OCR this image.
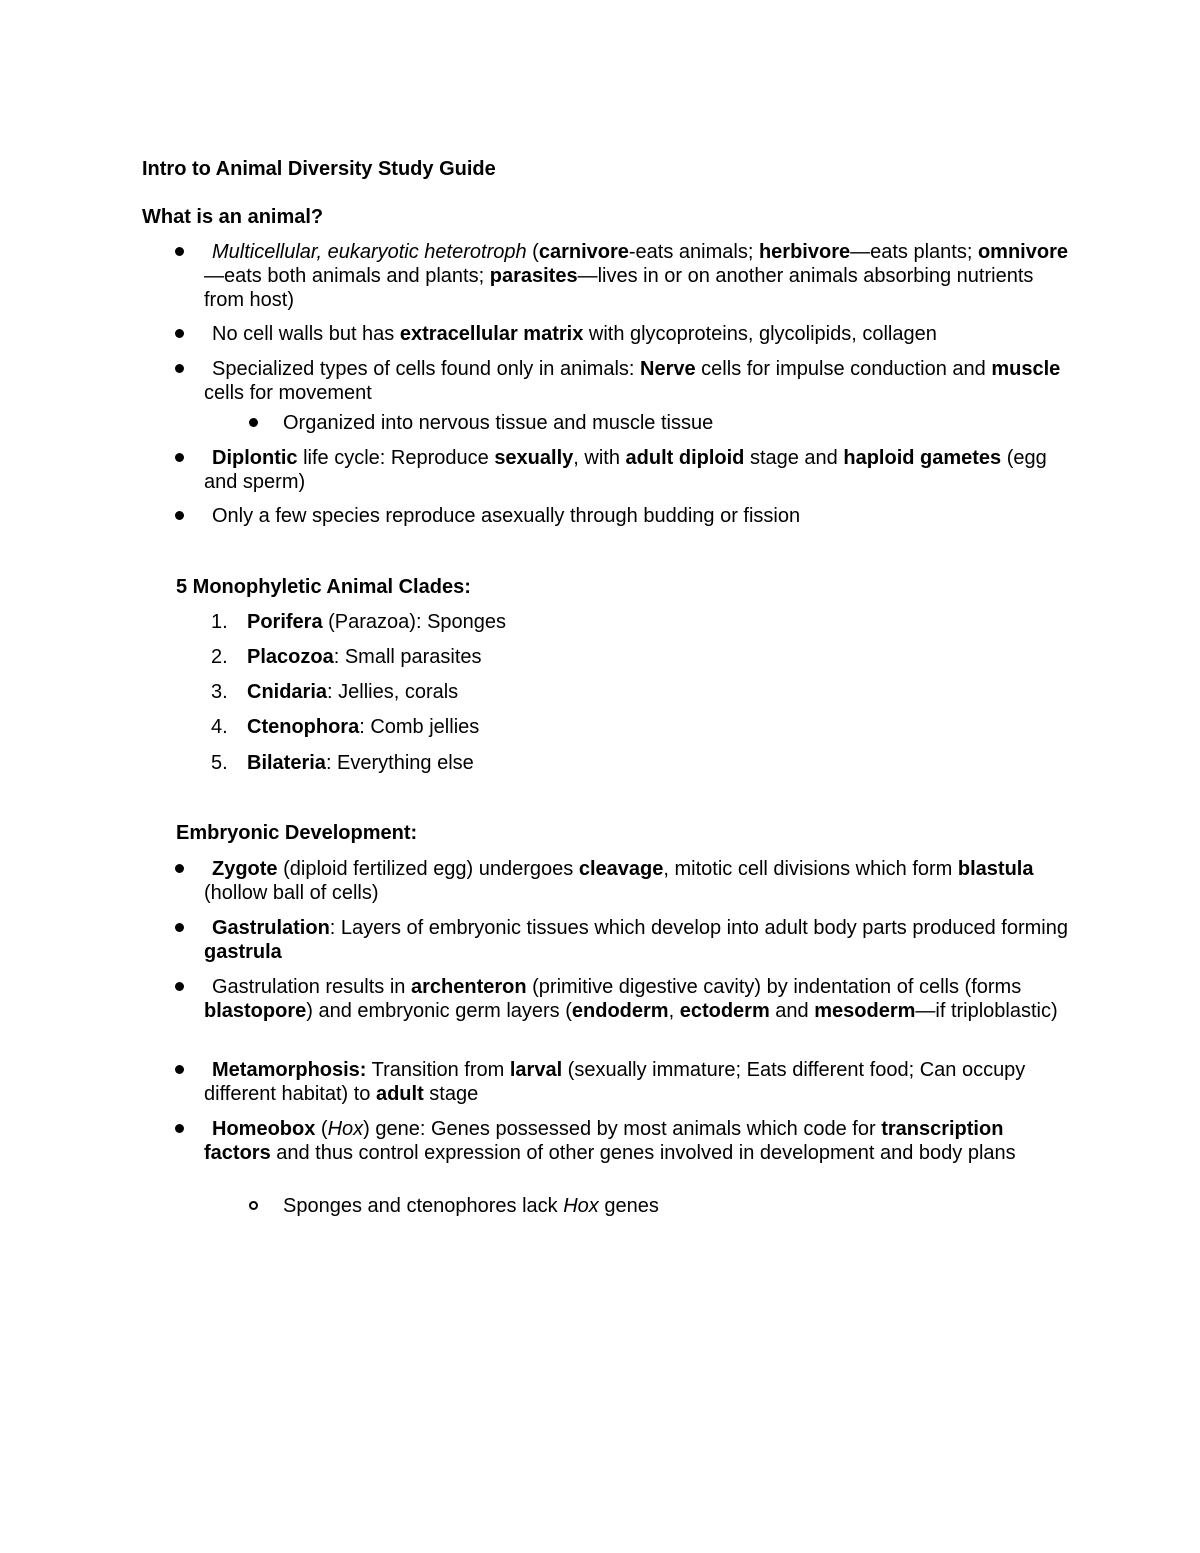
Intro to Animal Diversity Study Guide
What is an animal?
Multicellular, eukaryotic heterotroph (carnivore-eats animals; herbivore—eats plants; omnivore—eats both animals and plants; parasites—lives in or on another animals absorbing nutrients from host)
No cell walls but has extracellular matrix with glycoproteins, glycolipids, collagen
Specialized types of cells found only in animals: Nerve cells for impulse conduction and muscle cells for movement
Organized into nervous tissue and muscle tissue
Diplontic life cycle: Reproduce sexually, with adult diploid stage and haploid gametes (egg and sperm)
Only a few species reproduce asexually through budding or fission
5 Monophyletic Animal Clades:
1. Porifera (Parazoa): Sponges
2. Placozoa: Small parasites
3. Cnidaria: Jellies, corals
4. Ctenophora: Comb jellies
5. Bilateria: Everything else
Embryonic Development:
Zygote (diploid fertilized egg) undergoes cleavage, mitotic cell divisions which form blastula (hollow ball of cells)
Gastrulation: Layers of embryonic tissues which develop into adult body parts produced forming gastrula
Gastrulation results in archenteron (primitive digestive cavity) by indentation of cells (forms blastopore) and embryonic germ layers (endoderm, ectoderm and mesoderm—if triploblastic)
Metamorphosis: Transition from larval (sexually immature; Eats different food; Can occupy different habitat) to adult stage
Homeobox (Hox) gene: Genes possessed by most animals which code for transcription factors and thus control expression of other genes involved in development and body plans
Sponges and ctenophores lack Hox genes
